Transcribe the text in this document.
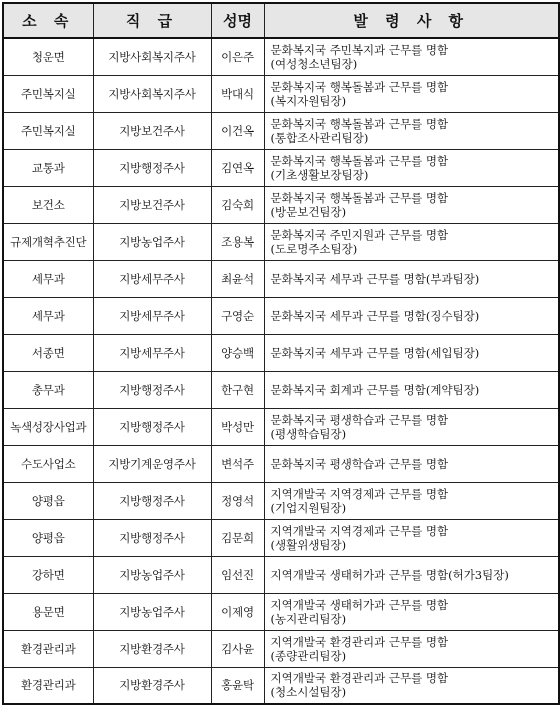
소 속	직 급	성명	발 령 사 항
청운면	지방사회복지주사	이은주	문화복지국 주민복지과 근무를 명함
(여성청소년팀장)

주민복지실	지방사회복지주사	박대식	문화복지국 행복돌봄과 근무를 명함
(복지자원팀장)

주민복지실	지방보건주사	이건옥	문화복지국 행복돌봄과 근무를 명함
(통합조사관리팀장)

교통과	지방행정주사	김연옥	문화복지국 행복돌봄과 근무를 명함
(기초생활보장팀장)

보건소	지방보건주사	김숙희	문화복지국 행복돌봄과 근무를 명함
(방문보건팀장)

규제개혁추진단	지방농업주사	조용복	문화복지국 주민지원과 근무를 명함
(도로명주소팀장)

세무과	지방세무주사	최윤석	문화복지국 세무과 근무를 명함(부과팀장)

세무과	지방세무주사	구영순	문화복지국 세무과 근무를 명함(징수팀장)

서종면	지방세무주사	양승백	문화복지국 세무과 근무를 명함(세입팀장)

총무과	지방행정주사	한구현	문화복지국 회계과 근무를 명함(계약팀장)

녹색성장사업과	지방행정주사	박성만	문화복지국 평생학습과 근무를 명함
(평생학습팀장)

수도사업소	지방기계운영주사	변석주	문화복지국 평생학습과 근무를 명함

양평읍	지방행정주사	정영석	지역개발국 지역경제과 근무를 명함
(기업지원팀장)

양평읍	지방행정주사	김문희	지역개발국 지역경제과 근무를 명함
(생활위생팀장)

강하면	지방농업주사	임선진	지역개발국 생태허가과 근무를 명함(허가3팀장)

용문면	지방농업주사	이제영	지역개발국 생태허가과 근무를 명함
(농지관리팀장)

환경관리과	지방환경주사	김사윤	지역개발국 환경관리과 근무를 명함
(종량관리팀장)

환경관리과	지방환경주사	홍윤탁	지역개발국 환경관리과 근무를 명함
(청소시설팀장)
